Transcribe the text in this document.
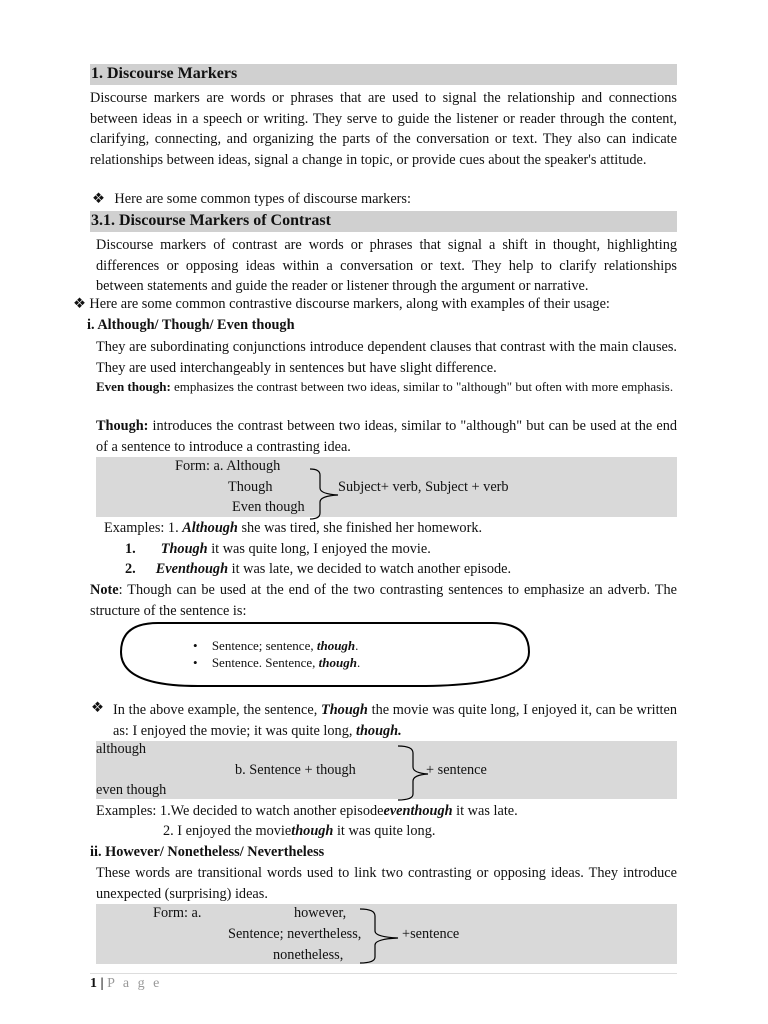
1. Discourse Markers
Discourse markers are words or phrases that are used to signal the relationship and connections between ideas in a speech or writing. They serve to guide the listener or reader through the content, clarifying, connecting, and organizing the parts of the conversation or text. They also can indicate relationships between ideas, signal a change in topic, or provide cues about the speaker's attitude.
❖ Here are some common types of discourse markers:
3.1. Discourse Markers of Contrast
Discourse markers of contrast are words or phrases that signal a shift in thought, highlighting differences or opposing ideas within a conversation or text. They help to clarify relationships between statements and guide the reader or listener through the argument or narrative.
❖ Here are some common contrastive discourse markers, along with examples of their usage:
i. Although/ Though/ Even though
They are subordinating conjunctions introduce dependent clauses that contrast with the main clauses. They are used interchangeably in sentences but have slight difference.
Even though: emphasizes the contrast between two ideas, similar to "although" but often with more emphasis.
Though: introduces the contrast between two ideas, similar to "although" but can be used at the end of a sentence to introduce a contrasting idea.
Form: a. Although
Though
Even though
Subject+ verb, Subject + verb
Examples: 1. Although she was tired, she finished her homework.
1. Though it was quite long, I enjoyed the movie.
2. Eventhough it was late, we decided to watch another episode.
Note: Though can be used at the end of the two contrasting sentences to emphasize an adverb. The structure of the sentence is:
• Sentence; sentence, though.
• Sentence. Sentence, though.
❖ In the above example, the sentence, Though the movie was quite long, I enjoyed it, can be written as: I enjoyed the movie; it was quite long, though.
although
b. Sentence + though
even though
+ sentence
Examples: 1.We decided to watch another episodeeventhough it was late.
2. I enjoyed the moviethough it was quite long.
ii. However/ Nonetheless/ Nevertheless
These words are transitional words used to link two contrasting or opposing ideas. They introduce unexpected (surprising) ideas.
Form: a.	however,
Sentence; nevertheless,
nonetheless,
+sentence
1 | P a g e
